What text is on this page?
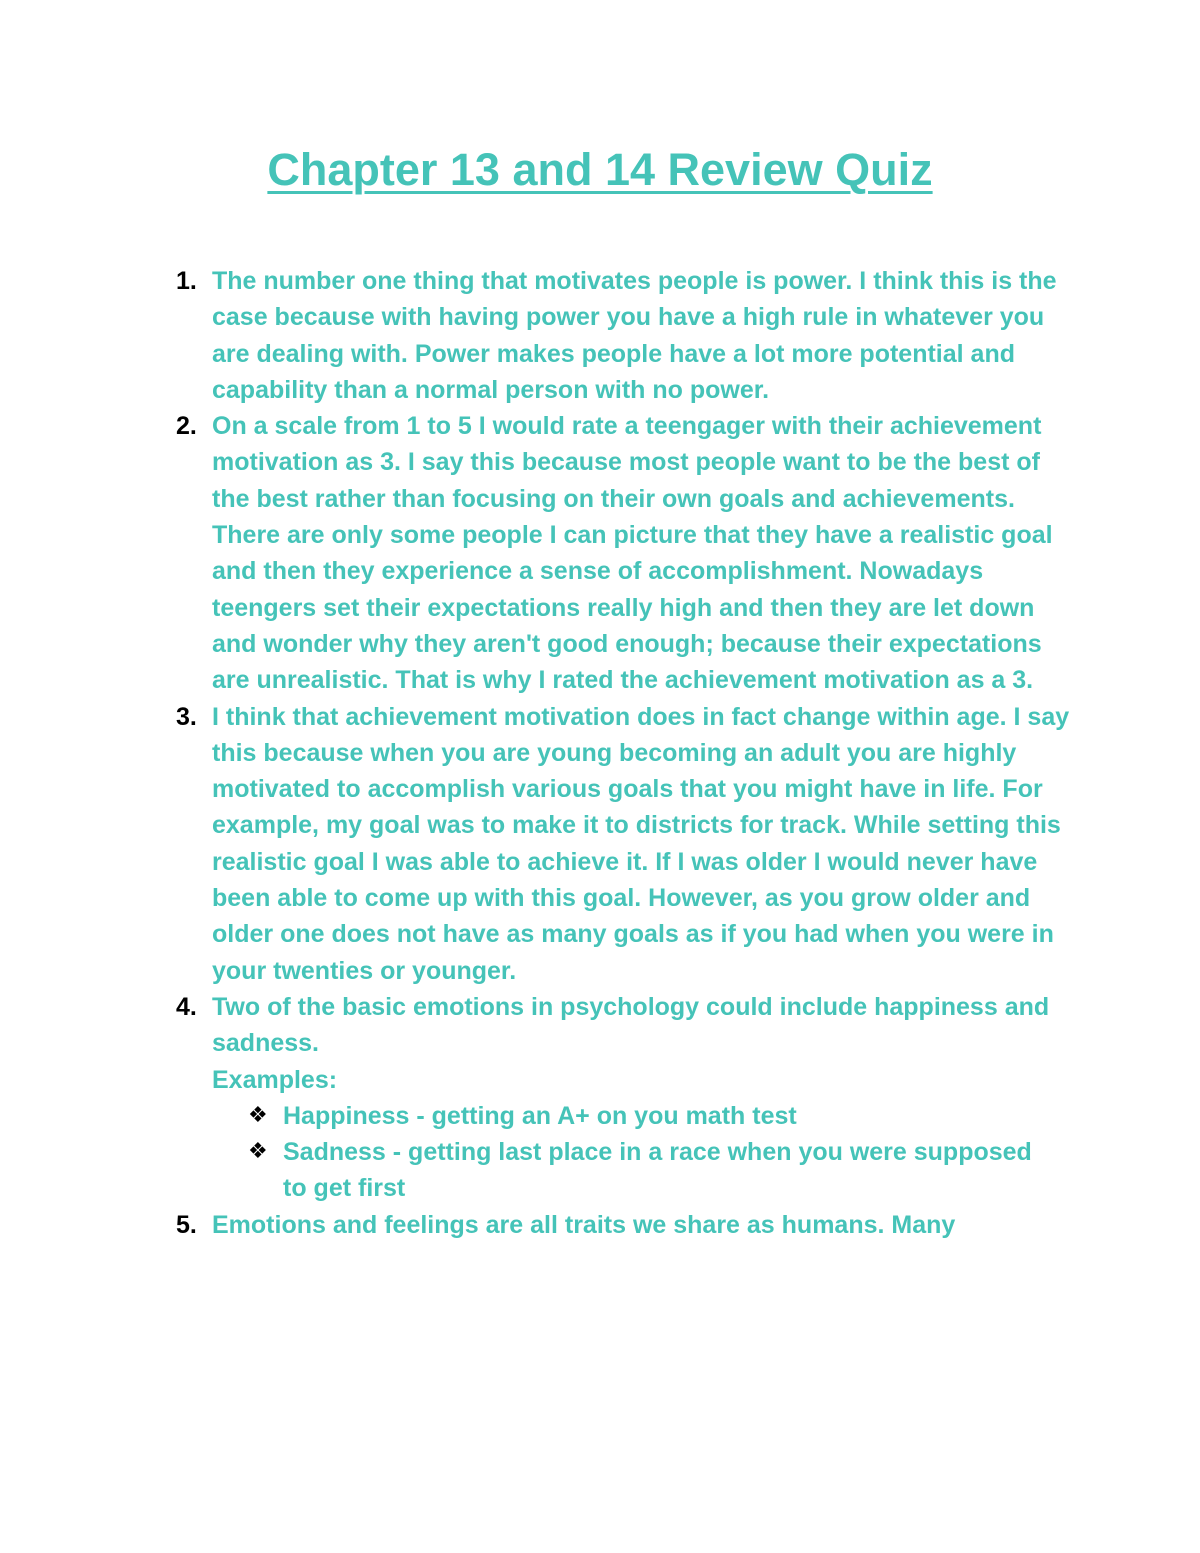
Chapter 13 and 14 Review Quiz
1. The number one thing that motivates people is power. I think this is the case because with having power you have a high rule in whatever you are dealing with. Power makes people have a lot more potential and capability than a normal person with no power.
2. On a scale from 1 to 5 I would rate a teengager with their achievement motivation as 3. I say this because most people want to be the best of the best rather than focusing on their own goals and achievements. There are only some people I can picture that they have a realistic goal and then they experience a sense of accomplishment. Nowadays teengers set their expectations really high and then they are let down and wonder why they aren't good enough; because their expectations are unrealistic. That is why I rated the achievement motivation as a 3.
3. I think that achievement motivation does in fact change within age. I say this because when you are young becoming an adult you are highly motivated to accomplish various goals that you might have in life. For example, my goal was to make it to districts for track. While setting this realistic goal I was able to achieve it. If I was older I would never have been able to come up with this goal. However, as you grow older and older one does not have as many goals as if you had when you were in your twenties or younger.
4. Two of the basic emotions in psychology could include happiness and sadness.
Examples:
❖ Happiness - getting an A+ on you math test
❖ Sadness - getting last place in a race when you were supposed to get first
5. Emotions and feelings are all traits we share as humans. Many
